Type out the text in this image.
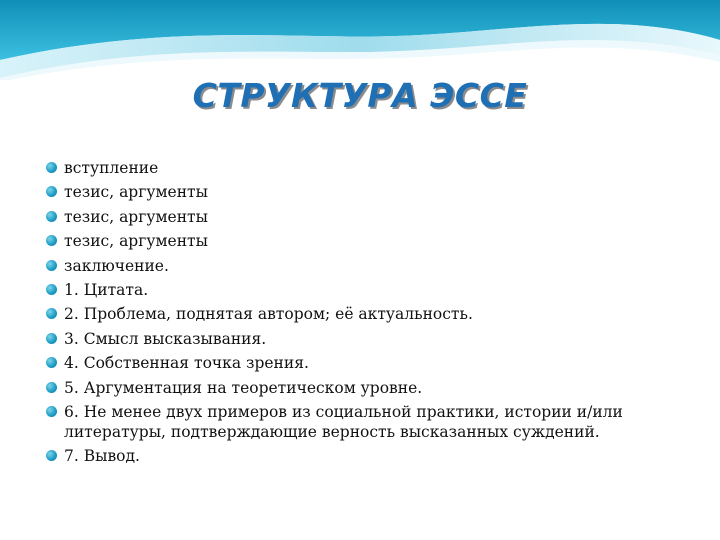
СТРУКТУРА ЭССЕ
вступление
тезис, аргументы
тезис, аргументы
тезис, аргументы
заключение.
1. Цитата.
2. Проблема, поднятая автором; её актуальность.
3. Смысл высказывания.
4. Собственная точка зрения.
5. Аргументация на теоретическом уровне.
6. Не менее двух примеров из социальной практики, истории и/или литературы, подтверждающие верность высказанных суждений.
7. Вывод.
